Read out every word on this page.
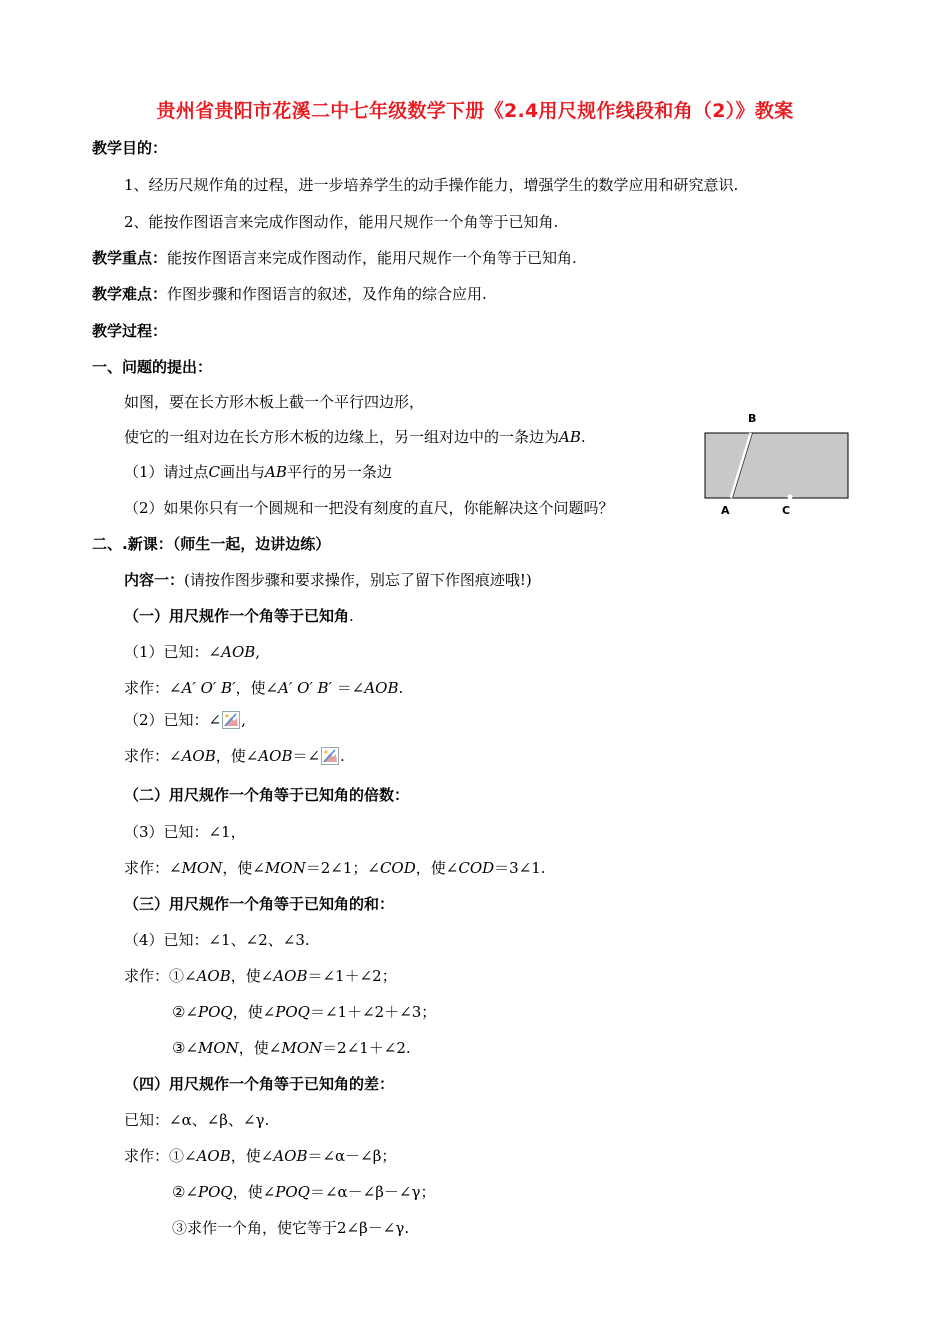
贵州省贵阳市花溪二中七年级数学下册《2.4用尺规作线段和角（2）》教案
教学目的：
1、经历尺规作角的过程，进一步培养学生的动手操作能力，增强学生的数学应用和研究意识.
2、能按作图语言来完成作图动作，能用尺规作一个角等于已知角.
教学重点：能按作图语言来完成作图动作，能用尺规作一个角等于已知角.
教学难点：作图步骤和作图语言的叙述，及作角的综合应用.
教学过程：
一、问题的提出：
如图，要在长方形木板上截一个平行四边形，
使它的一组对边在长方形木板的边缘上，另一组对边中的一条边为AB.
（1）请过点C画出与AB平行的另一条边
（2）如果你只有一个圆规和一把没有刻度的直尺，你能解决这个问题吗？
B
A	C
二、.新课：（师生一起，边讲边练）
内容一：(请按作图步骤和要求操作，别忘了留下作图痕迹哦!)
（一）用尺规作一个角等于已知角.
（1）已知：∠AOB,
求作：∠A′ O′ B′，使∠A′ O′ B′ ＝∠AOB.
（2）已知：∠ ,
求作：∠AOB，使∠AOB＝∠ .
（二）用尺规作一个角等于已知角的倍数：
（3）已知：∠1，
求作：∠MON，使∠MON＝2∠1；∠COD，使∠COD＝3∠1.
（三）用尺规作一个角等于已知角的和：
（4）已知：∠1、∠2、∠3.
求作：①∠AOB，使∠AOB＝∠1＋∠2；
②∠POQ，使∠POQ＝∠1＋∠2＋∠3；
③∠MON，使∠MON＝2∠1＋∠2.
（四）用尺规作一个角等于已知角的差：
已知：∠α、∠β、∠γ.
求作：①∠AOB，使∠AOB＝∠α－∠β；
②∠POQ，使∠POQ＝∠α－∠β－∠γ；
③求作一个角，使它等于2∠β－∠γ.
